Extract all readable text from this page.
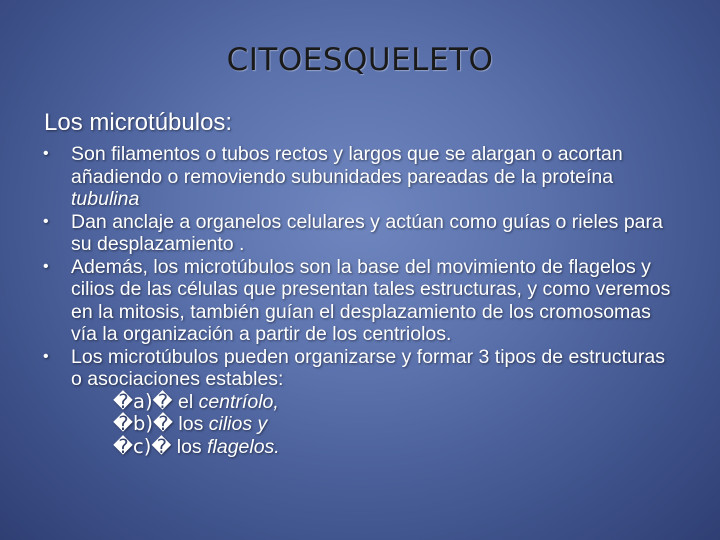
CITOESQUELETO
Los microtúbulos:
• Son filamentos o tubos rectos y largos que se alargan o acortan añadiendo o removiendo subunidades pareadas de la proteína tubulina
• Dan anclaje a organelos celulares y actúan como guías o rieles para su desplazamiento .
• Además, los microtúbulos son la base del movimiento de flagelos y cilios de las células que presentan tales estructuras, y como veremos en la mitosis, también guían el desplazamiento de los cromosomas vía la organización a partir de los centriolos.
• Los microtúbulos pueden organizarse y formar 3 tipos de estructuras o asociaciones estables:
�a)� el centríolo,
�b)� los cilios y
�c)� los flagelos.
